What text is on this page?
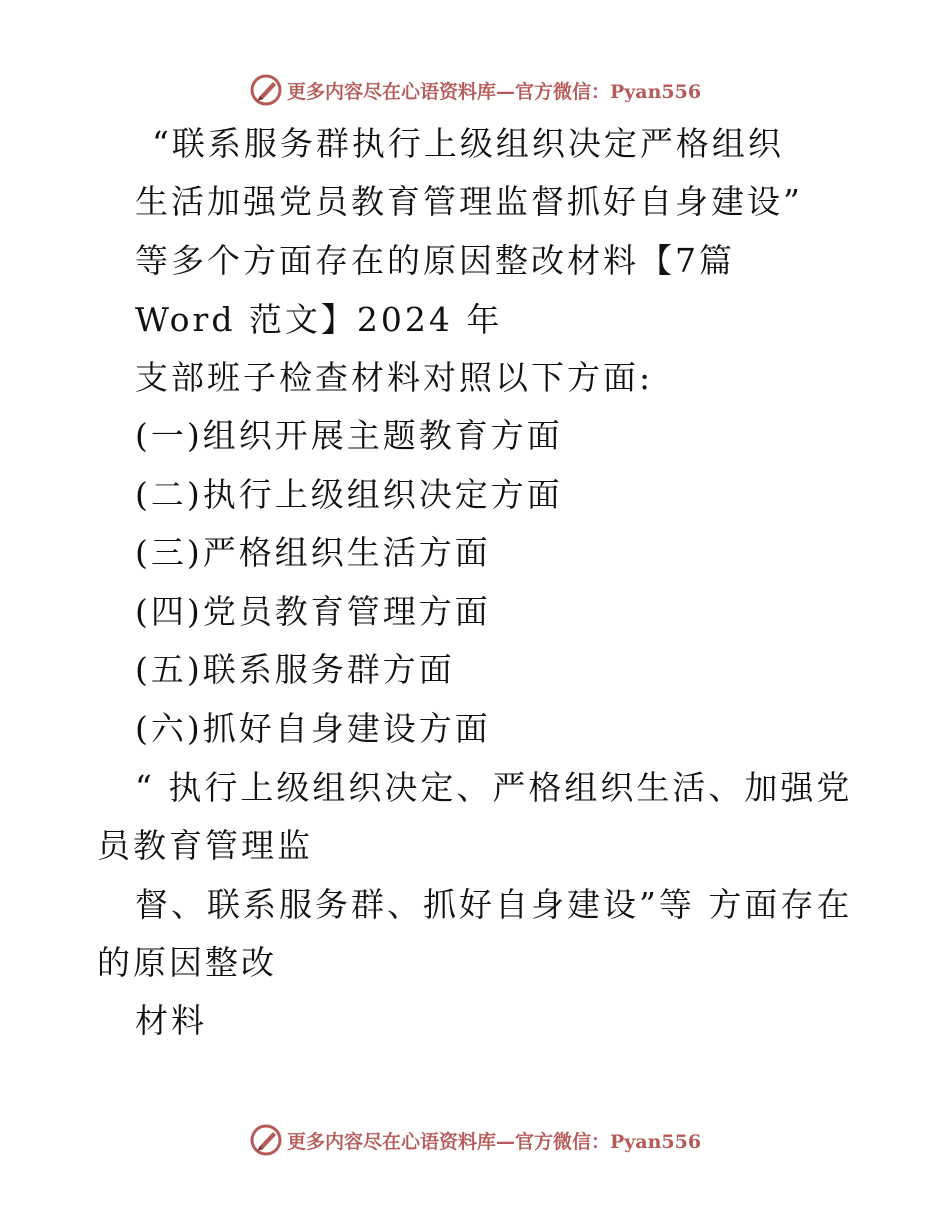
更多内容尽在心语资料库—官方微信：Pyan556
“联系服务群执行上级组织决定严格组织
生活加强党员教育管理监督抓好自身建设”
等多个方面存在的原因整改材料【7篇
Word 范文】2024 年
支部班子检查材料对照以下方面:
(一)组织开展主题教育方面
(二)执行上级组织决定方面
(三)严格组织生活方面
(四)党员教育管理方面
(五)联系服务群方面
(六)抓好自身建设方面
“ 执行上级组织决定、严格组织生活、加强党
员教育管理监
督、联系服务群、抓好自身建设”等 方面存在
的原因整改
材料
更多内容尽在心语资料库—官方微信：Pyan556
